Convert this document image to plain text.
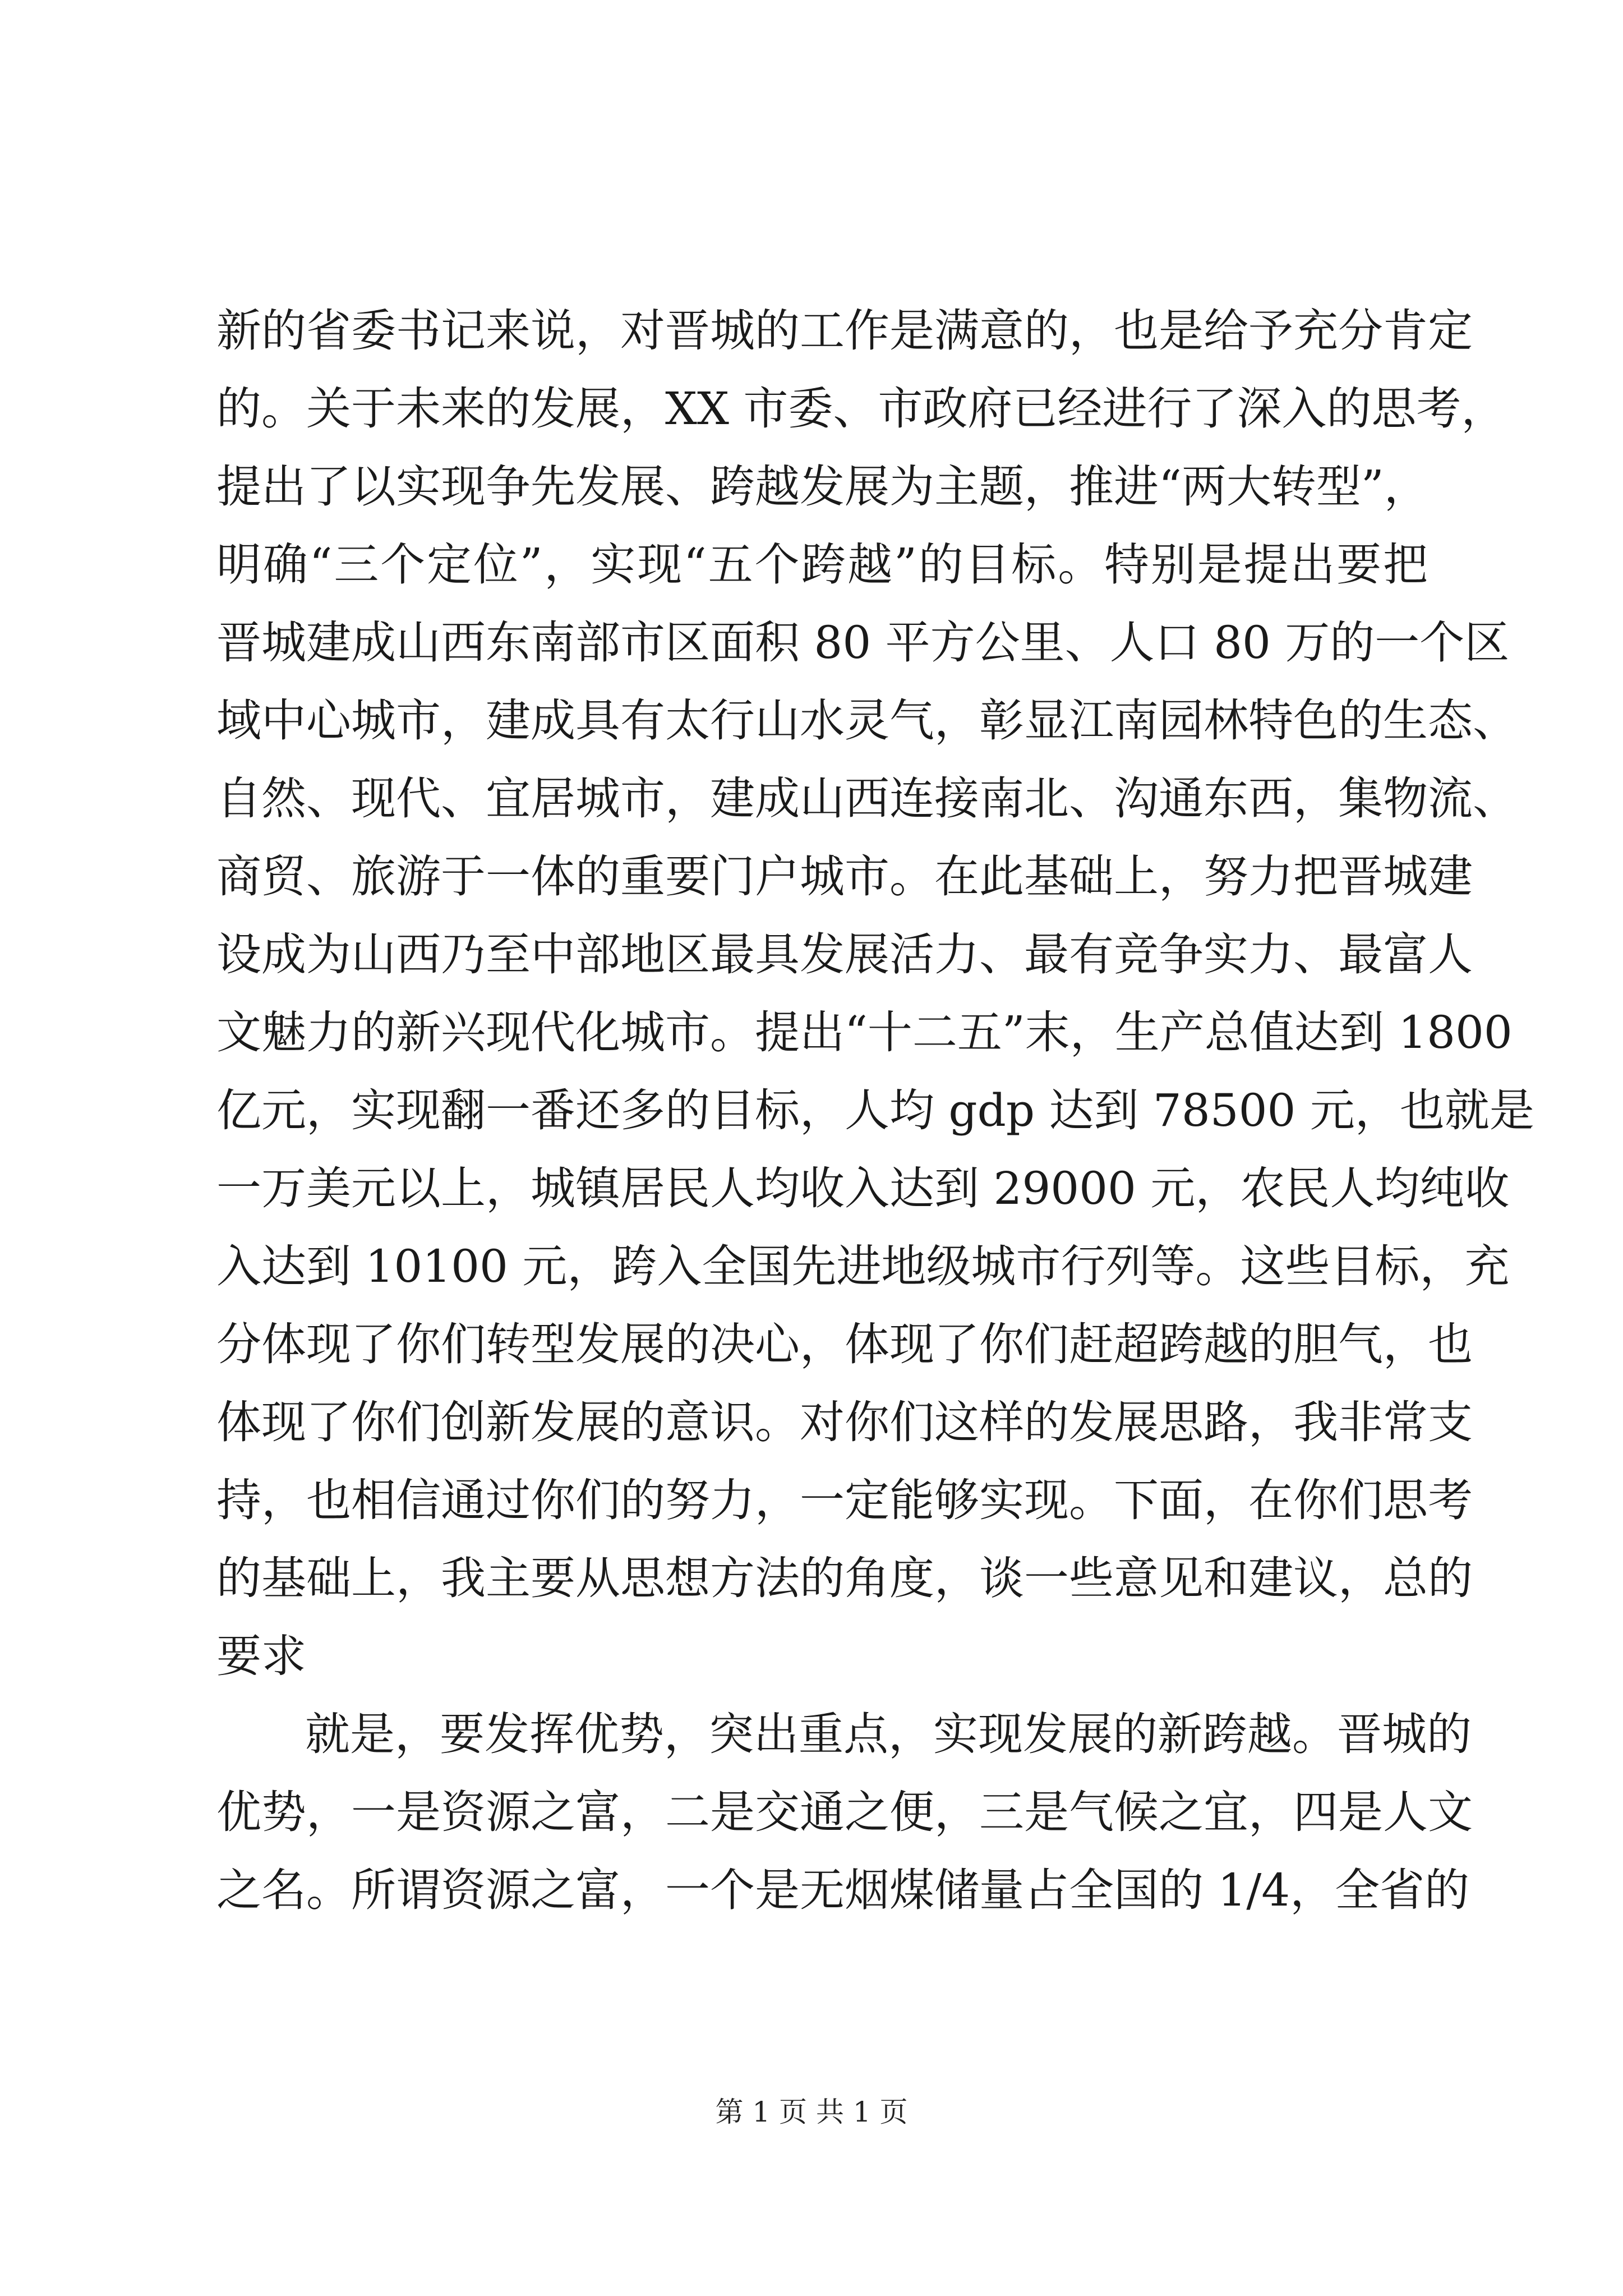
新的省委书记来说，对晋城的工作是满意的，也是给予充分肯定
的。关于未来的发展，XX 市委、市政府已经进行了深入的思考，
提出了以实现争先发展、跨越发展为主题，推进“两大转型”，
明确“三个定位”，实现“五个跨越”的目标。特别是提出要把
晋城建成山西东南部市区面积 80 平方公里、人口 80 万的一个区
域中心城市，建成具有太行山水灵气，彰显江南园林特色的生态、
自然、现代、宜居城市，建成山西连接南北、沟通东西，集物流、
商贸、旅游于一体的重要门户城市。在此基础上，努力把晋城建
设成为山西乃至中部地区最具发展活力、最有竞争实力、最富人
文魅力的新兴现代化城市。提出“十二五”末，生产总值达到 1800
亿元，实现翻一番还多的目标，人均 gdp 达到 78500 元，也就是
一万美元以上，城镇居民人均收入达到 29000 元，农民人均纯收
入达到 10100 元，跨入全国先进地级城市行列等。这些目标，充
分体现了你们转型发展的决心，体现了你们赶超跨越的胆气，也
体现了你们创新发展的意识。对你们这样的发展思路，我非常支
持，也相信通过你们的努力，一定能够实现。下面，在你们思考
的基础上，我主要从思想方法的角度，谈一些意见和建议，总的
要求
就是，要发挥优势，突出重点，实现发展的新跨越。晋城的
优势，一是资源之富，二是交通之便，三是气候之宜，四是人文
之名。所谓资源之富，一个是无烟煤储量占全国的 1/4，全省的
第 1 页 共 1 页
